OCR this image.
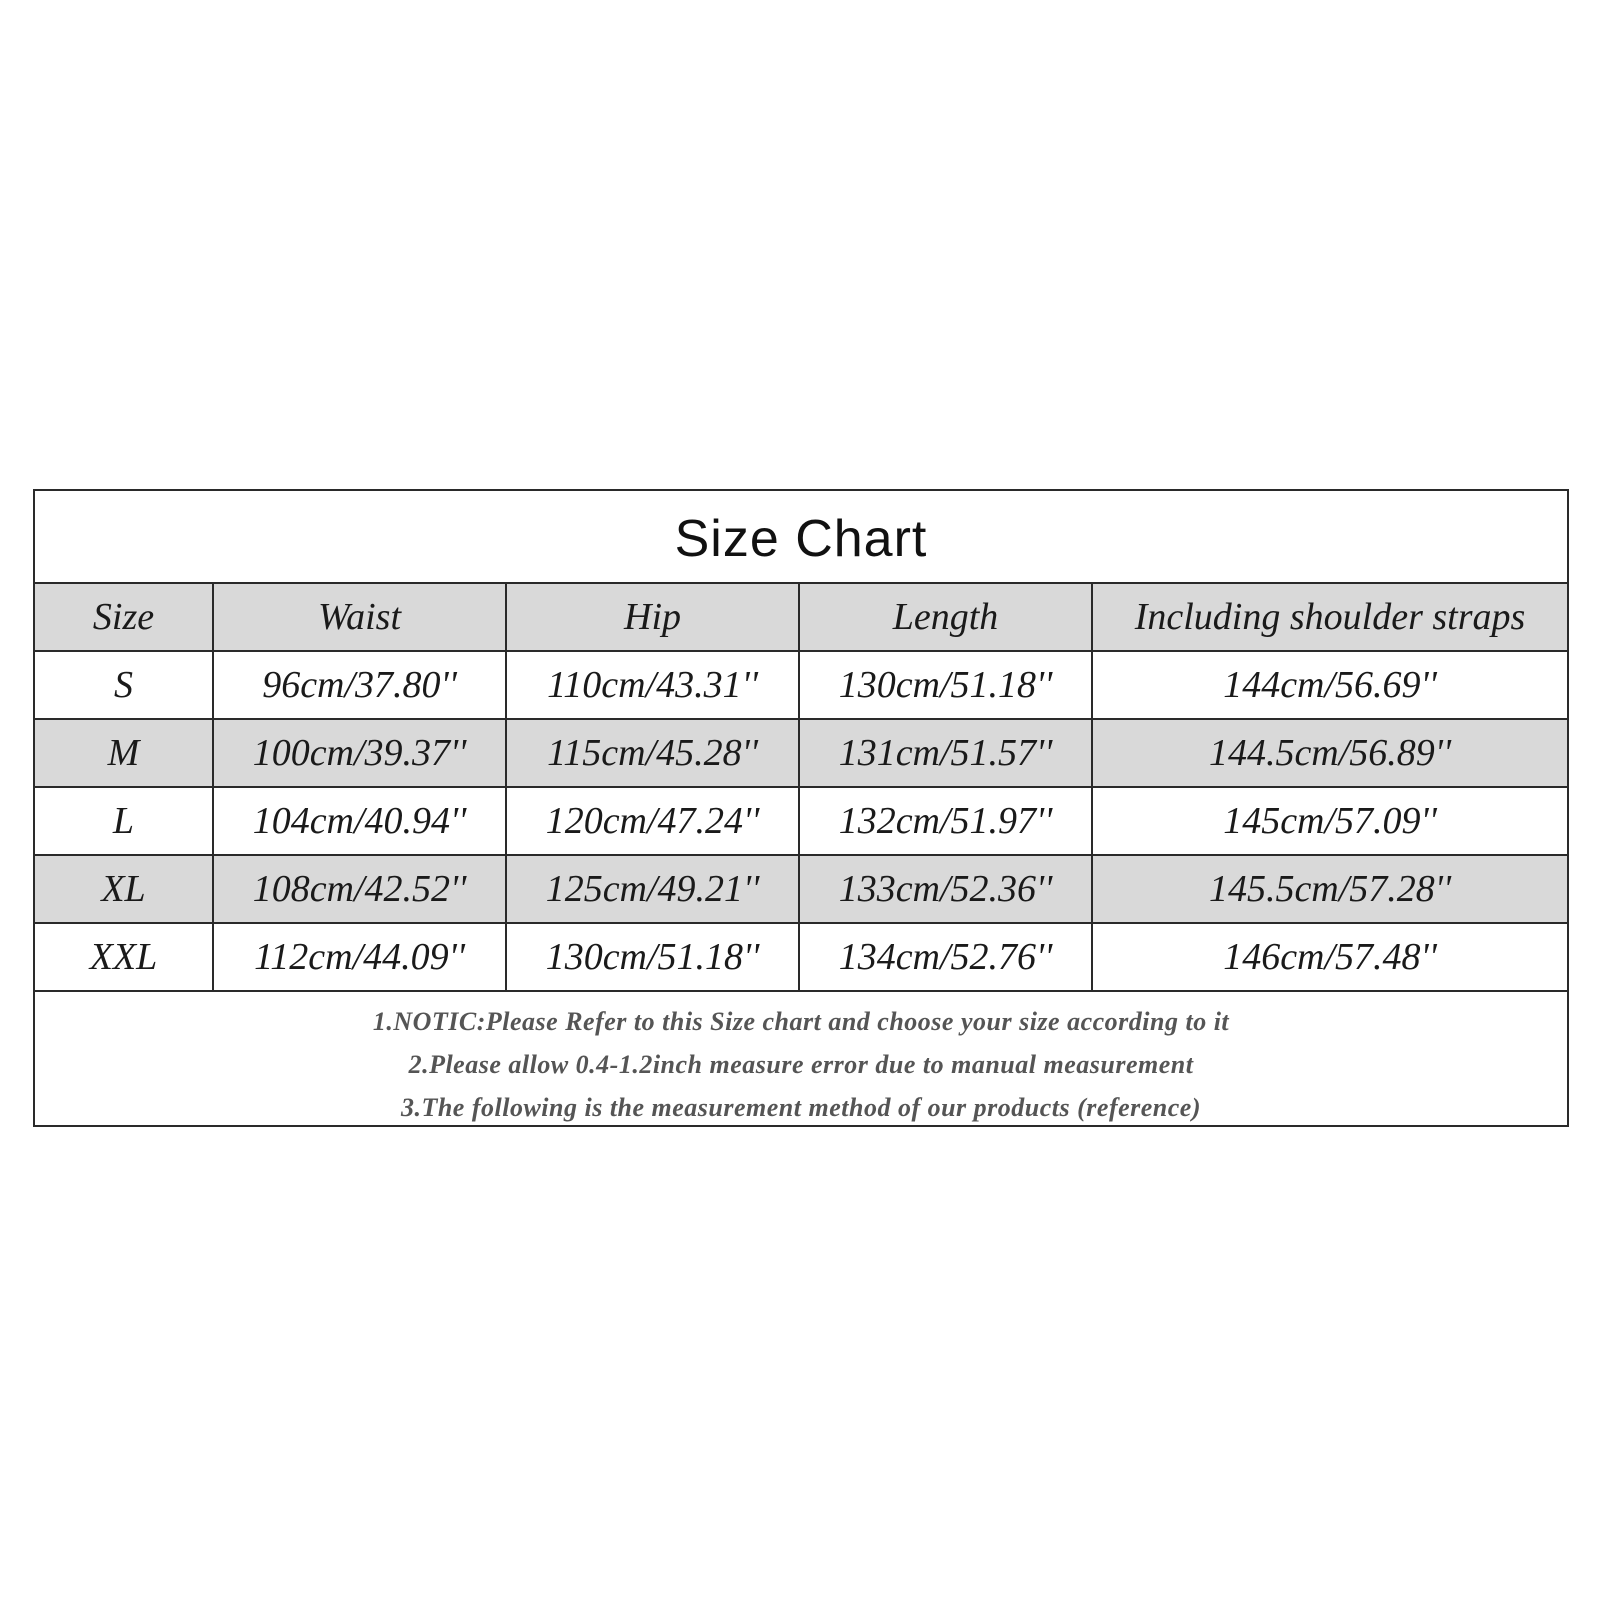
Size Chart
Size	Waist	Hip	Length	Including shoulder straps
S	96cm/37.80''	110cm/43.31''	130cm/51.18''	144cm/56.69''
M	100cm/39.37''	115cm/45.28''	131cm/51.57''	144.5cm/56.89''
L	104cm/40.94''	120cm/47.24''	132cm/51.97''	145cm/57.09''
XL	108cm/42.52''	125cm/49.21''	133cm/52.36''	145.5cm/57.28''
XXL	112cm/44.09''	130cm/51.18''	134cm/52.76''	146cm/57.48''
1.NOTIC:Please Refer to this Size chart and choose your size according to it
2.Please allow 0.4-1.2inch measure error due to manual measurement
3.The following is the measurement method of our products (reference)
